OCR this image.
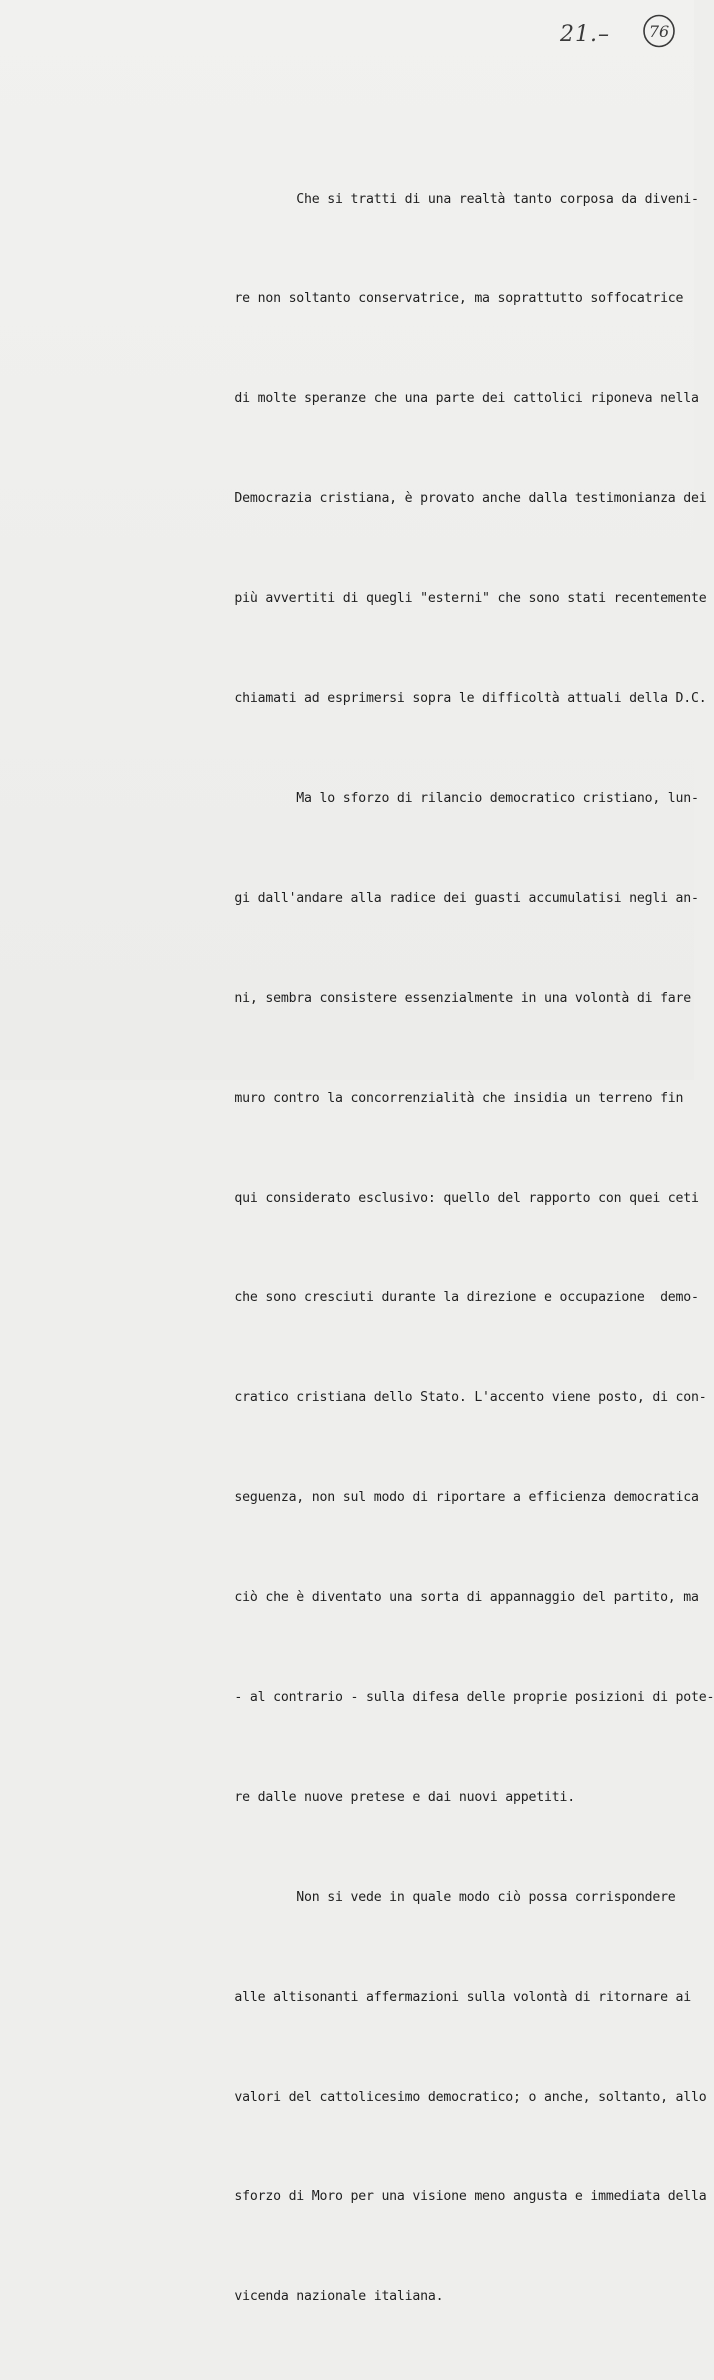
21.– 76

Che si tratti di una realtà tanto corposa da diveni-

re non soltanto conservatrice, ma soprattutto soffocatrice

di molte speranze che una parte dei cattolici riponeva nella

Democrazia cristiana, è provato anche dalla testimonianza dei

più avvertiti di quegli "esterni" che sono stati recentemente

chiamati ad esprimersi sopra le difficoltà attuali della D.C.

Ma lo sforzo di rilancio democratico cristiano, lun-

gi dall'andare alla radice dei guasti accumulatisi negli an-

ni, sembra consistere essenzialmente in una volontà di fare

muro contro la concorrenzialità che insidia un terreno fin

qui considerato esclusivo: quello del rapporto con quei ceti

che sono cresciuti durante la direzione e occupazione  demo-

cratico cristiana dello Stato. L'accento viene posto, di con-

seguenza, non sul modo di riportare a efficienza democratica

ciò che è diventato una sorta di appannaggio del partito, ma

- al contrario - sulla difesa delle proprie posizioni di pote-

re dalle nuove pretese e dai nuovi appetiti.

Non si vede in quale modo ciò possa corrispondere

alle altisonanti affermazioni sulla volontà di ritornare ai

valori del cattolicesimo democratico; o anche, soltanto, allo

sforzo di Moro per una visione meno angusta e immediata della

vicenda nazionale italiana.
